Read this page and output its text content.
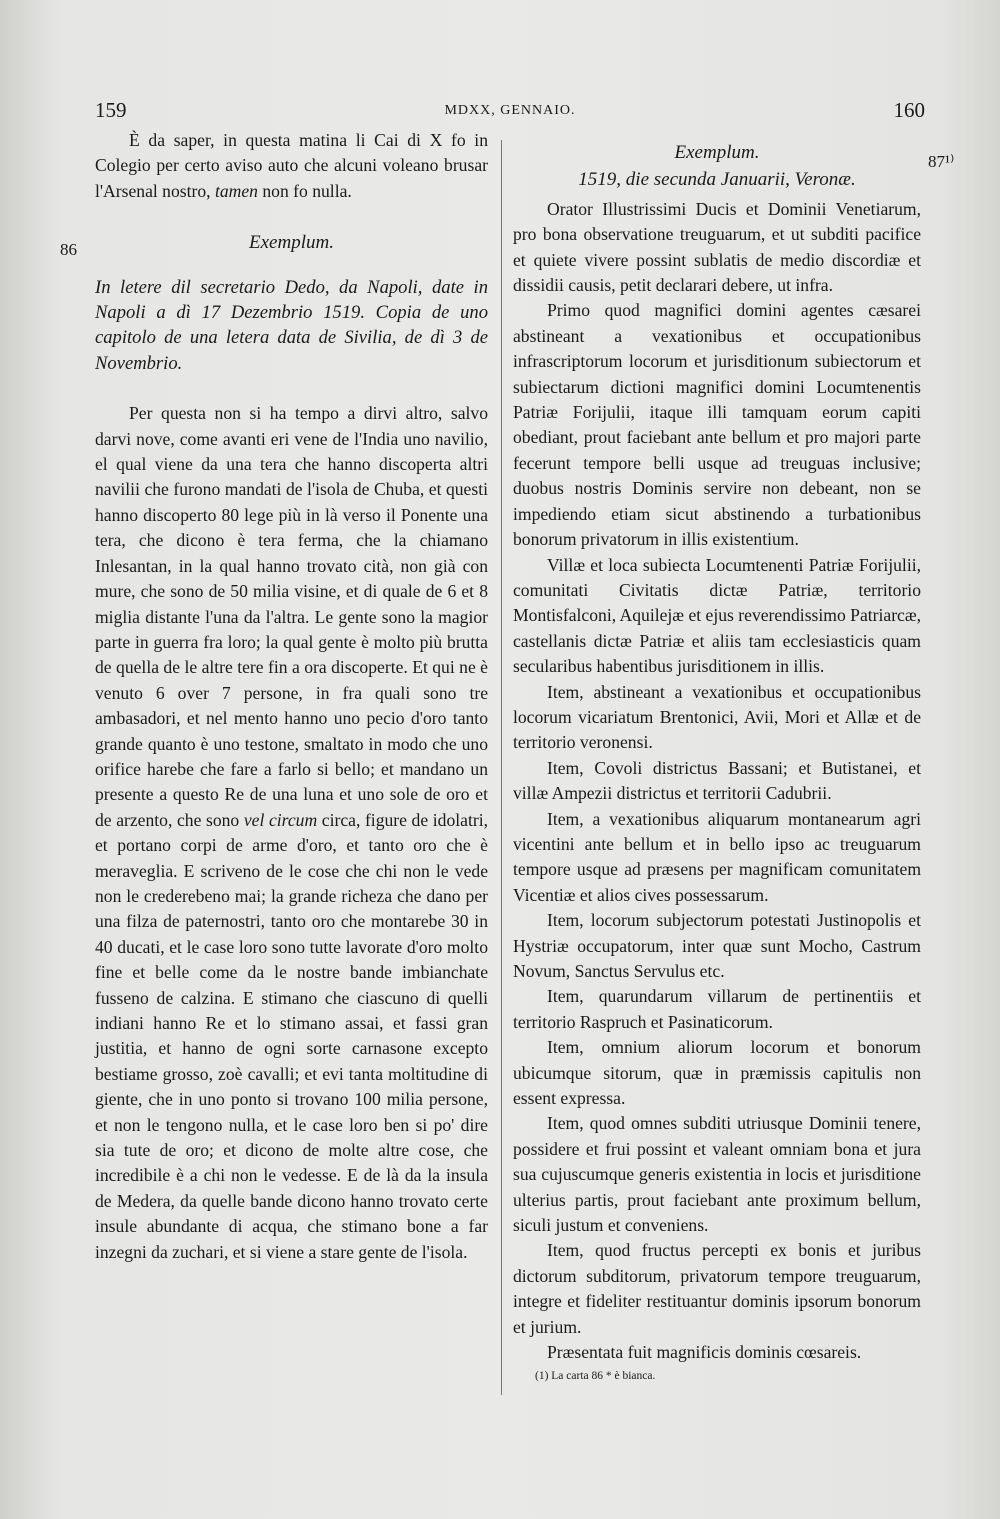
159	MDXX, GENNAIO.	160
86
87¹⁾

È da saper, in questa matina li Cai di X fo in Colegio per certo aviso auto che alcuni voleano brusar l'Arsenal nostro, tamen non fo nulla.

Exemplum.

In letere dil secretario Dedo, da Napoli, date in Napoli a dì 17 Dezembrio 1519. Copia de uno capitolo de una letera data de Sivilia, de dì 3 de Novembrio.

Per questa non si ha tempo a dirvi altro, salvo darvi nove, come avanti eri vene de l'India uno navilio, el qual viene da una tera che hanno discoperta altri navilii che furono mandati de l'isola de Chuba, et questi hanno discoperto 80 lege più in là verso il Ponente una tera, che dicono è tera ferma, che la chiamano Inlesantan, in la qual hanno trovato cità, non già con mure, che sono de 50 milia visine, et di quale de 6 et 8 miglia distante l'una da l'altra. Le gente sono la magior parte in guerra fra loro; la qual gente è molto più brutta de quella de le altre tere fin a ora discoperte. Et qui ne è venuto 6 over 7 persone, in fra quali sono tre ambasadori, et nel mento hanno uno pecio d'oro tanto grande quanto è uno testone, smaltato in modo che uno orifice harebe che fare a farlo si bello; et mandano un presente a questo Re de una luna et uno sole de oro et de arzento, che sono vel circum circa, figure de idolatri, et portano corpi de arme d'oro, et tanto oro che è meraveglia. E scriveno de le cose che chi non le vede non le crederebeno mai; la grande richeza che dano per una filza de paternostri, tanto oro che montarebe 30 in 40 ducati, et le case loro sono tutte lavorate d'oro molto fine et belle come da le nostre bande imbianchate fusseno de calzina. E stimano che ciascuno di quelli indiani hanno Re et lo stimano assai, et fassi gran justitia, et hanno de ogni sorte carnasone excepto bestiame grosso, zoè cavalli; et evi tanta moltitudine di giente, che in uno ponto si trovano 100 milia persone, et non le tengono nulla, et le case loro ben si po' dire sia tute de oro; et dicono de molte altre cose, che incredibile è a chi non le vedesse. E de là da la insula de Medera, da quelle bande dicono hanno trovato certe insule abundante di acqua, che stimano bone a far inzegni da zuchari, et si viene a stare gente de l'isola.

Exemplum.

1519, die secunda Januarii, Veronæ.

Orator Illustrissimi Ducis et Dominii Venetiarum, pro bona observatione treuguarum, et ut subditi pacifice et quiete vivere possint sublatis de medio discordiæ et dissidii causis, petit declarari debere, ut infra.

Primo quod magnifici domini agentes cæsarei abstineant a vexationibus et occupationibus infrascriptorum locorum et jurisditionum subiectorum et subiectarum dictioni magnifici domini Locumtenentis Patriæ Forijulii, itaque illi tamquam eorum capiti obediant, prout faciebant ante bellum et pro majori parte fecerunt tempore belli usque ad treuguas inclusive; duobus nostris Dominis servire non debeant, non se impediendo etiam sicut abstinendo a turbationibus bonorum privatorum in illis existentium.

Villæ et loca subiecta Locumtenenti Patriæ Forijulii, comunitati Civitatis dictæ Patriæ, territorio Montisfalconi, Aquilejæ et ejus reverendissimo Patriarcæ, castellanis dictæ Patriæ et aliis tam ecclesiasticis quam secularibus habentibus jurisditionem in illis.

Item, abstineant a vexationibus et occupationibus locorum vicariatum Brentonici, Avii, Mori et Allæ et de territorio veronensi.

Item, Covoli districtus Bassani; et Butistanei, et villæ Ampezii districtus et territorii Cadubrii.

Item, a vexationibus aliquarum montanearum agri vicentini ante bellum et in bello ipso ac treuguarum tempore usque ad præsens per magnificam comunitatem Vicentiæ et alios cives possessarum.

Item, locorum subjectorum potestati Justinopolis et Hystriæ occupatorum, inter quæ sunt Mocho, Castrum Novum, Sanctus Servulus etc.

Item, quarundarum villarum de pertinentiis et territorio Raspruch et Pasinaticorum.

Item, omnium aliorum locorum et bonorum ubicumque sitorum, quæ in præmissis capitulis non essent expressa.

Item, quod omnes subditi utriusque Dominii tenere, possidere et frui possint et valeant omniam bona et jura sua cujuscumque generis existentia in locis et jurisditione ulterius partis, prout faciebant ante proximum bellum, siculi justum et conveniens.

Item, quod fructus percepti ex bonis et juribus dictorum subditorum, privatorum tempore treuguarum, integre et fideliter restituantur dominis ipsorum bonorum et jurium.

Præsentata fuit magnificis dominis cœsareis.

(1) La carta 86 * è bianca.
